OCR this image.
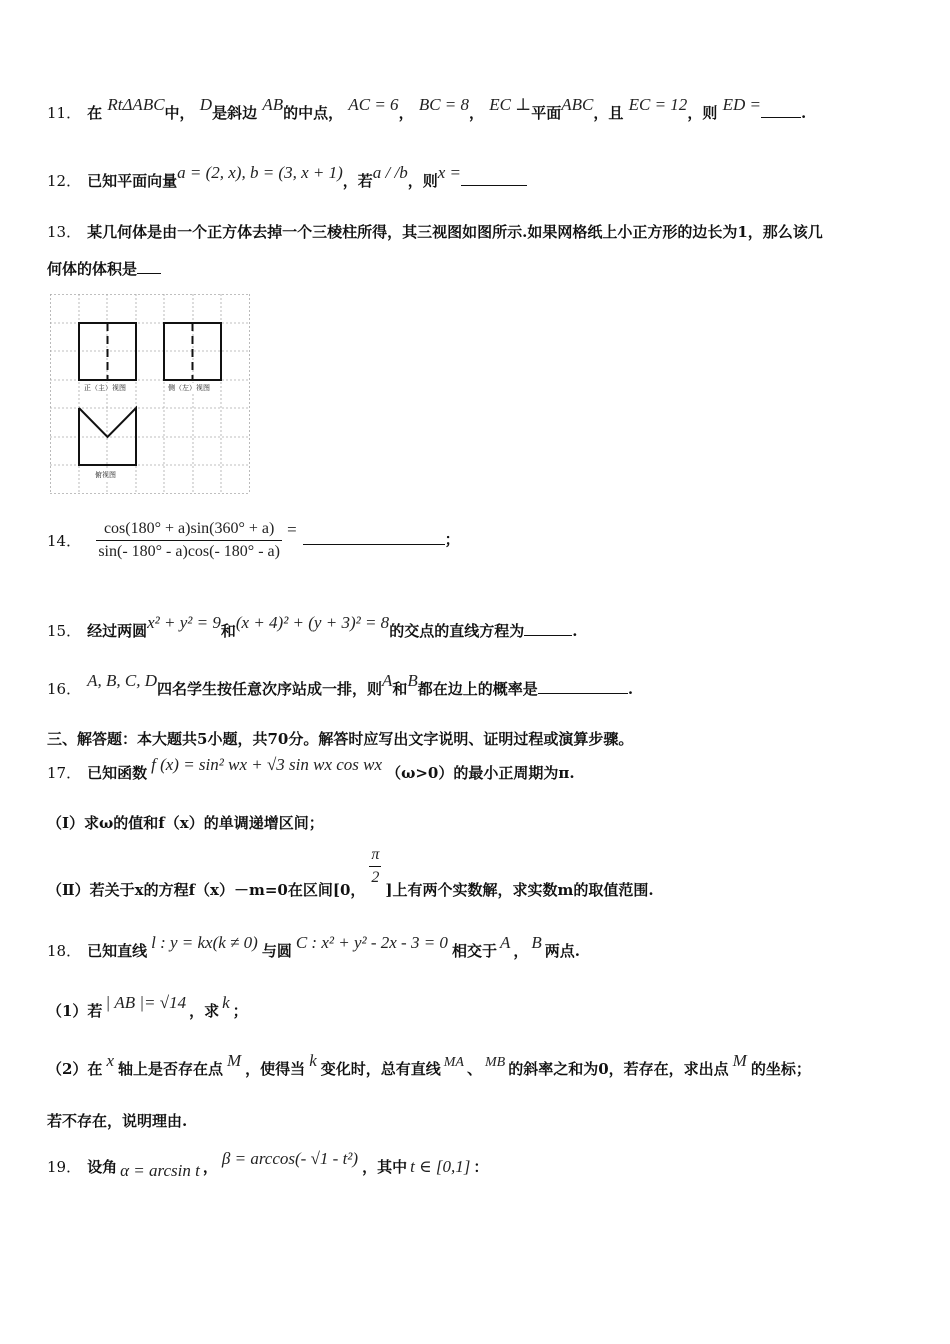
11． 在 RtΔABC中， D是斜边 AB的中点， AC = 6， BC = 8， EC ⊥平面ABC，且 EC = 12，则 ED =	.
12． 已知平面向量a = (2, x), b = (3, x + 1)，若a / /b，则x =
13． 某几何体是由一个正方体去掉一个三棱柱所得，其三视图如图所示.如果网格纸上小正方形的边长为1，那么该几
何体的体积是
正（主）视图	侧（左）视图
俯视图
14． $\frac{\cos(180^\circ + a)\sin(360^\circ + a)}{\sin(- 180^\circ - a)\cos(- 180^\circ - a)}$ = ；
15． 经过两圆x² + y² = 9和(x + 4)² + (y + 3)² = 8的交点的直线方程为	.
16． A, B, C, D四名学生按任意次序站成一排，则A和B都在边上的概率是	.
三、解答题：本大题共5小题，共70分。解答时应写出文字说明、证明过程或演算步骤。
17． 已知函数 f (x) = sin² wx + √3 sin wx cos wx （ω>0）的最小正周期为π.
（Ⅰ）求ω的值和f（x）的单调递增区间；
（Ⅱ）若关于x的方程f（x）－m=0在区间[0，
$\frac{\pi}{2}$
]上有两个实数解，求实数m的取值范围.
18． 已知直线 l : y = kx(k ≠ 0) 与圆 C : x² + y² - 2x - 3 = 0 相交于 A ， B 两点.
（1）若 | AB |= √14 ，求 k ；
（2）在 x 轴上是否存在点 M ，使得当 k 变化时，总有直线 MA 、 MB 的斜率之和为0，若存在，求出点 M 的坐标；
若不存在，说明理由.
19． 设角 α = arcsin t ， β = arccos(- √1 - t²) ，其中 t ∈ [0,1] ：
